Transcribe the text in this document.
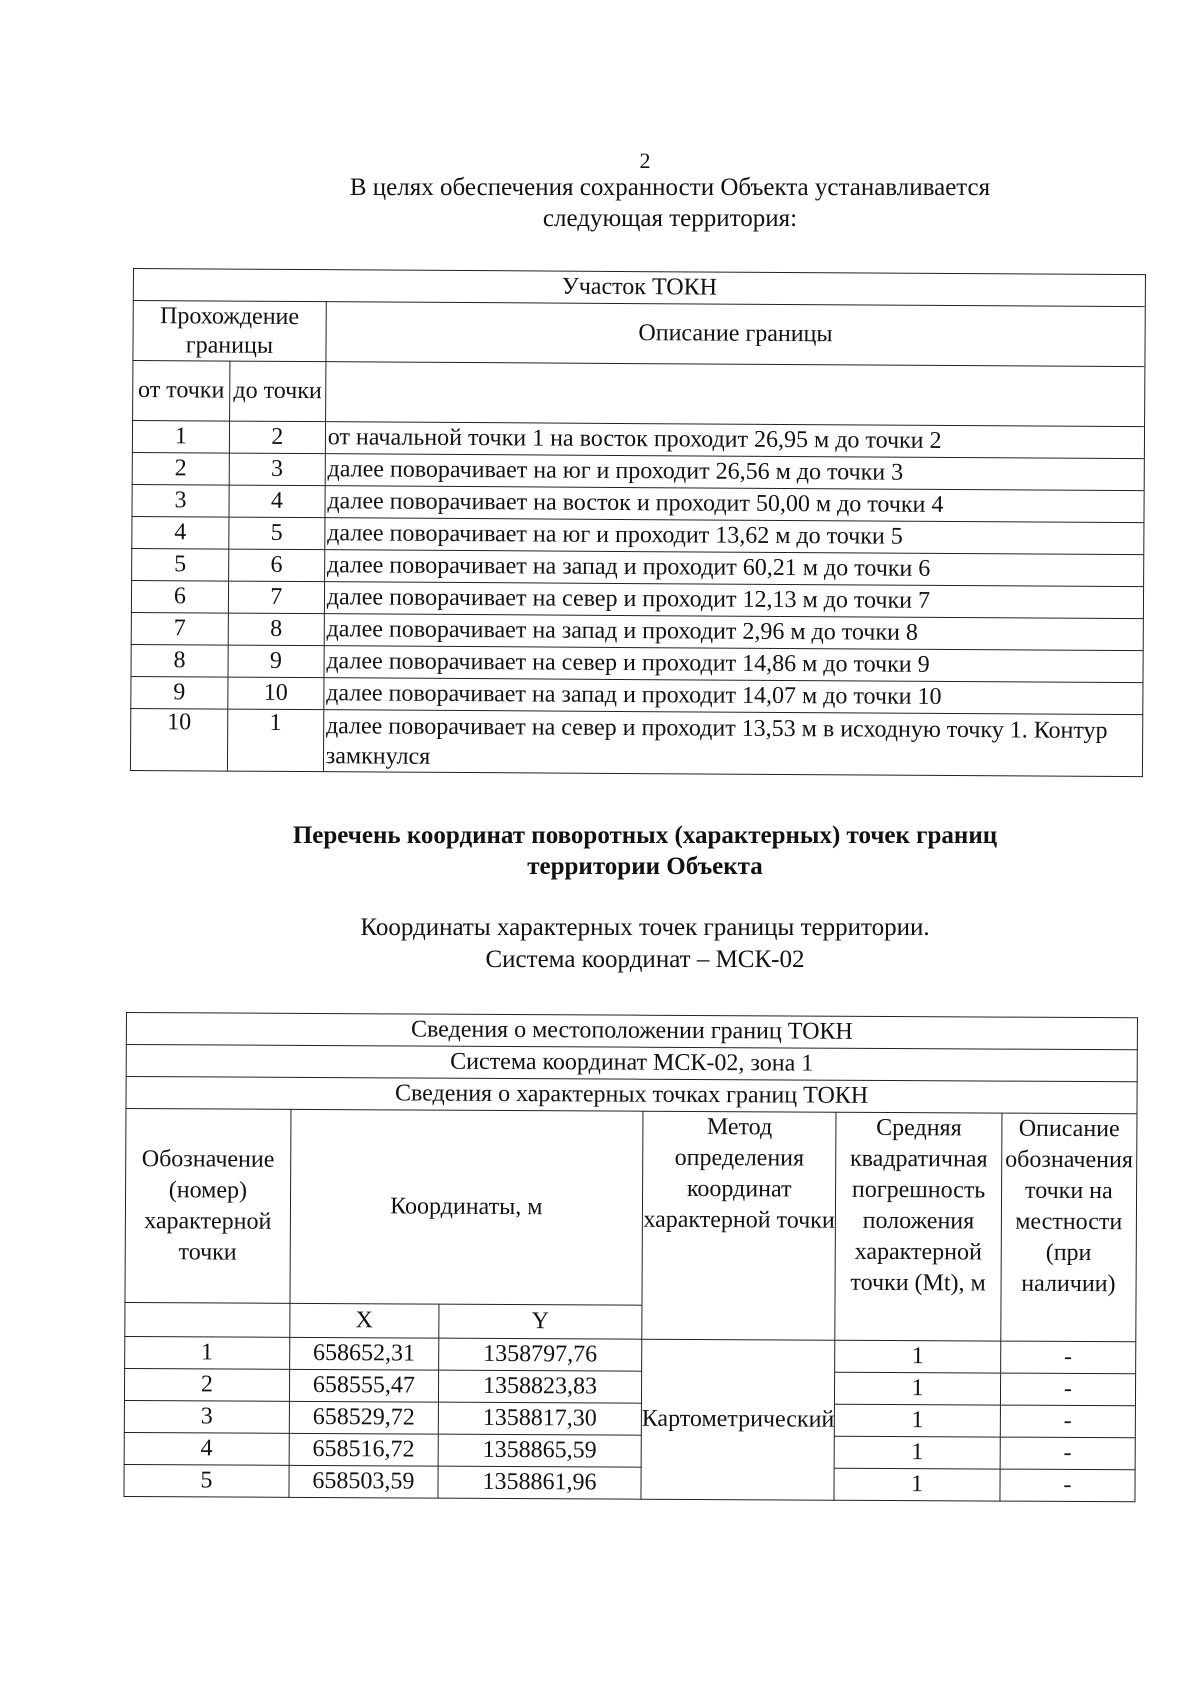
2
В целях обеспечения сохранности Объекта устанавливается
следующая территория:
Участок ТОКН		
Прохождение границы		Описание границы
от точки	до точки	
1	2	от начальной точки 1 на восток проходит 26,95 м до точки 2
2	3	далее поворачивает на юг и проходит 26,56 м до точки 3
3	4	далее поворачивает на восток и проходит 50,00 м до точки 4
4	5	далее поворачивает на юг и проходит 13,62 м до точки 5
5	6	далее поворачивает на запад и проходит 60,21 м до точки 6
6	7	далее поворачивает на север и проходит 12,13 м до точки 7
7	8	далее поворачивает на запад и проходит 2,96 м до точки 8
8	9	далее поворачивает на север и проходит 14,86 м до точки 9
9	10	далее поворачивает на запад и проходит 14,07 м до точки 10
10	1	далее поворачивает на север и проходит 13,53 м в исходную точку 1. Контур замкнулся
Перечень координат поворотных (характерных) точек границ
территории Объекта
Координаты характерных точек границы территории.
Система координат – МСК-02
Сведения о местоположении границ ТОКН					
Система координат МСК-02, зона 1					
Сведения о характерных точках границ ТОКН					
Обозначение (номер) характерной точки	Координаты, м		Метод определения координат характерной точки	Средняя квадратичная погрешность положения характерной точки (Mt), м	Описание обозначения точки на местности (при наличии)
	X	Y			
1	658652,31	1358797,76	Картометрический	1	-
2	658555,47	1358823,83		1	-
3	658529,72	1358817,30		1	-
4	658516,72	1358865,59		1	-
5	658503,59	1358861,96		1	-
